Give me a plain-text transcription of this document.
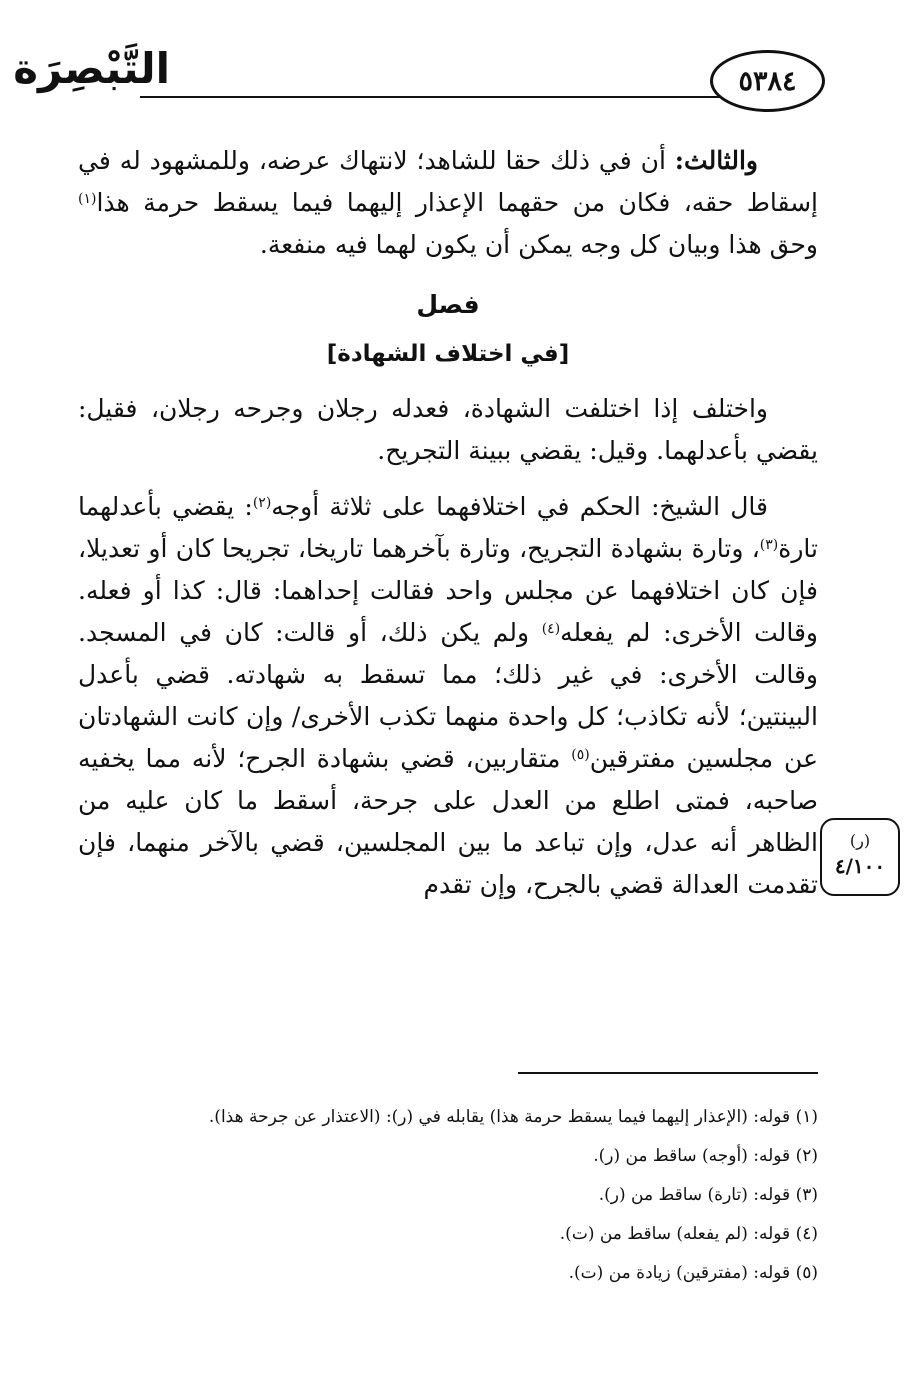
التَّبْصِرَة	٥٣٨٤

والثالث: أن في ذلك حقا للشاهد؛ لانتهاك عرضه، وللمشهود له في إسقاط حقه، فكان من حقهما الإعذار إليهما فيما يسقط حرمة هذا$^{(١)}$ وحق هذا وبيان كل وجه يمكن أن يكون لهما فيه منفعة.

فصل
[في اختلاف الشهادة]

واختلف إذا اختلفت الشهادة، فعدله رجلان وجرحه رجلان، فقيل: يقضي بأعدلهما. وقيل: يقضي ببينة التجريح.

قال الشيخ: الحكم في اختلافهما على ثلاثة أوجه$^{(٢)}$: يقضي بأعدلهما تارة$^{(٣)}$، وتارة بشهادة التجريح، وتارة بآخرهما تاريخا، تجريحا كان أو تعديلا، فإن كان اختلافهما عن مجلس واحد فقالت إحداهما: قال: كذا أو فعله. وقالت الأخرى: لم يفعله$^{(٤)}$ ولم يكن ذلك، أو قالت: كان في المسجد. وقالت الأخرى: في غير ذلك؛ مما تسقط به شهادته. قضي بأعدل البينتين؛ لأنه تكاذب؛ كل واحدة منهما تكذب الأخرى/ وإن كانت الشهادتان عن مجلسين مفترقين$^{(٥)}$ متقاربين، قضي بشهادة الجرح؛ لأنه مما يخفيه صاحبه، فمتى اطلع من العدل على جرحة، أسقط ما كان عليه من الظاهر أنه عدل، وإن تباعد ما بين المجلسين، قضي بالآخر منهما، فإن تقدمت العدالة قضي بالجرح، وإن تقدم

(ر)
٤/١٠٠
(١) قوله: (الإعذار إليهما فيما يسقط حرمة هذا) يقابله في (ر): (الاعتذار عن جرحة هذا).
(٢) قوله: (أوجه) ساقط من (ر).
(٣) قوله: (تارة) ساقط من (ر).
(٤) قوله: (لم يفعله) ساقط من (ت).
(٥) قوله: (مفترقين) زيادة من (ت).
